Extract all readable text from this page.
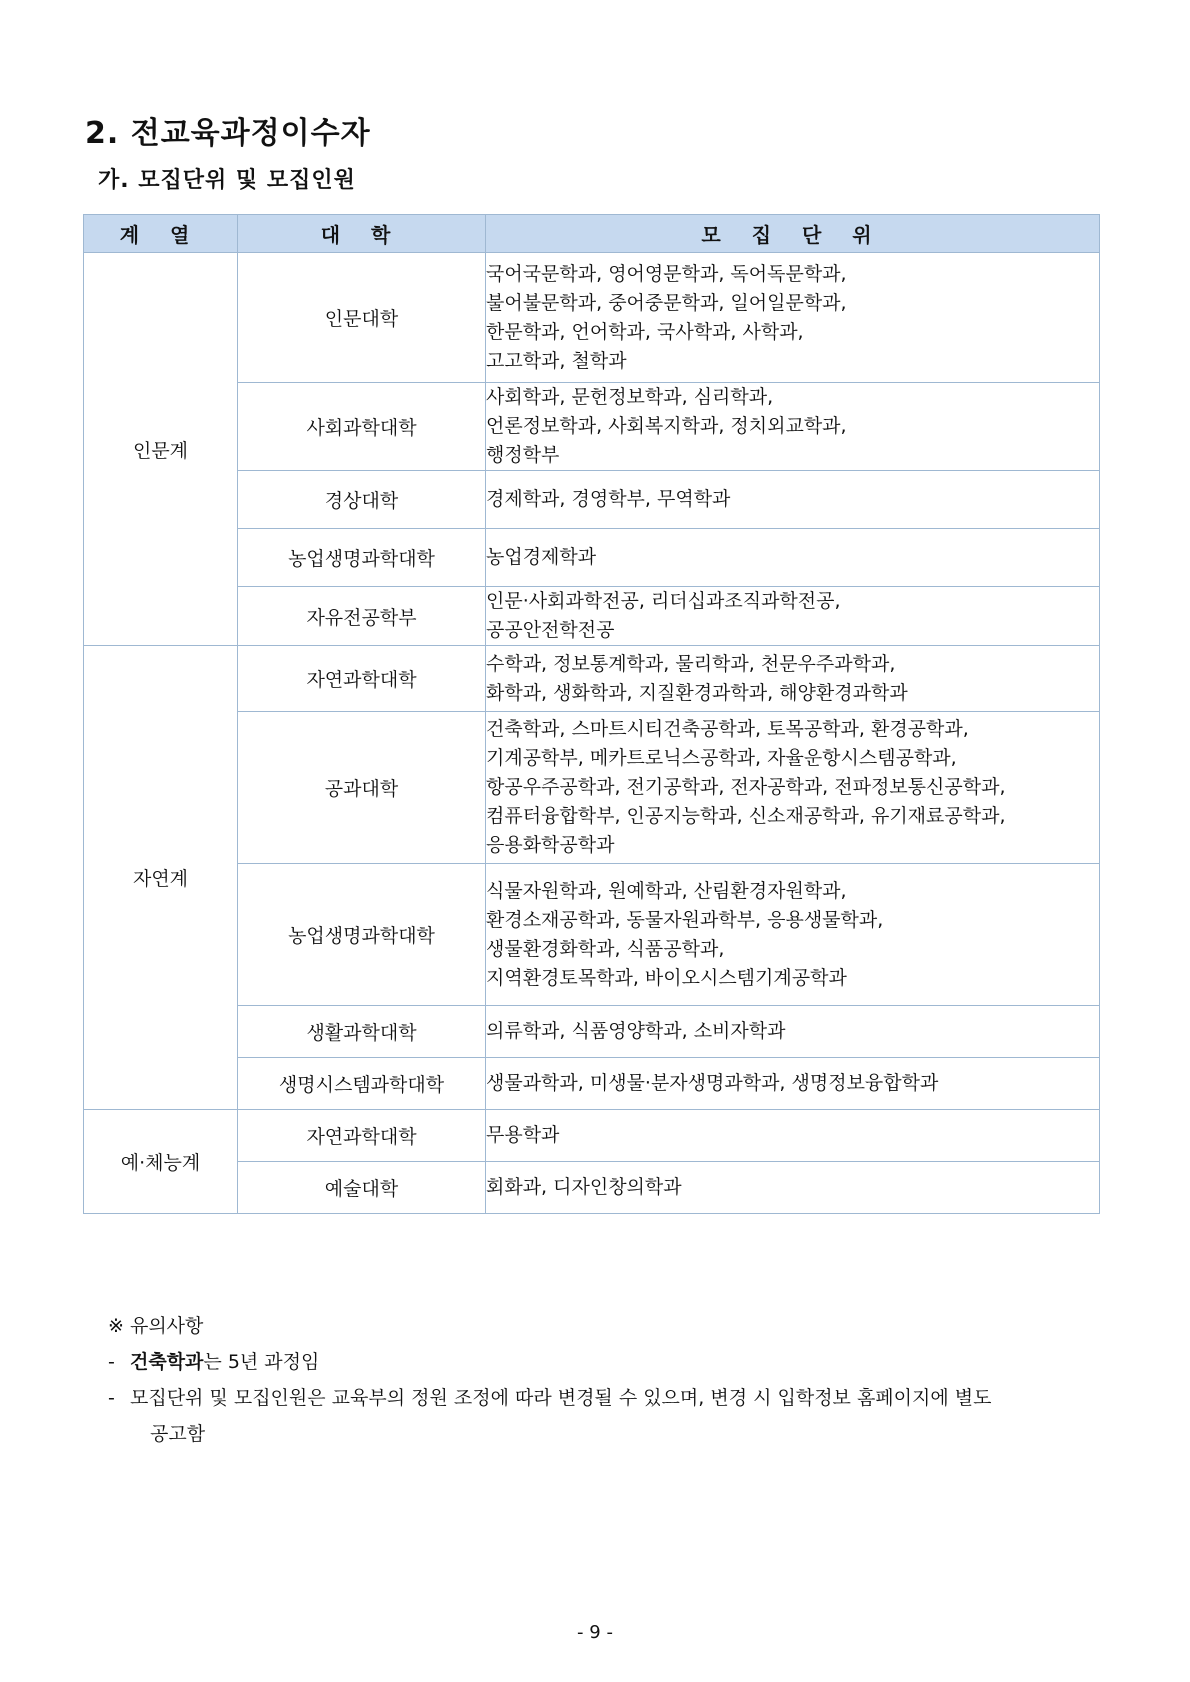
2. 전교육과정이수자
가. 모집단위 및 모집인원
계 열	대 학	모 집 단 위
인문계	인문대학	국어국문학과, 영어영문학과, 독어독문학과,
불어불문학과, 중어중문학과, 일어일문학과,
한문학과, 언어학과, 국사학과, 사학과,
고고학과, 철학과

	사회과학대학	사회학과, 문헌정보학과, 심리학과,
언론정보학과, 사회복지학과, 정치외교학과,
행정학부

	경상대학	경제학과, 경영학부, 무역학과

	농업생명과학대학	농업경제학과

	자유전공학부	인문·사회과학전공, 리더십과조직과학전공,
공공안전학전공

자연계	자연과학대학	수학과, 정보통계학과, 물리학과, 천문우주과학과,
화학과, 생화학과, 지질환경과학과, 해양환경과학과

	공과대학	건축학과, 스마트시티건축공학과, 토목공학과, 환경공학과,
기계공학부, 메카트로닉스공학과, 자율운항시스템공학과,
항공우주공학과, 전기공학과, 전자공학과, 전파정보통신공학과,
컴퓨터융합학부, 인공지능학과, 신소재공학과, 유기재료공학과,
응용화학공학과

	농업생명과학대학	식물자원학과, 원예학과, 산림환경자원학과,
환경소재공학과, 동물자원과학부, 응용생물학과,
생물환경화학과, 식품공학과,
지역환경토목학과, 바이오시스템기계공학과

	생활과학대학	의류학과, 식품영양학과, 소비자학과

	생명시스템과학대학	생물과학과, 미생물·분자생명과학과, 생명정보융합학과

예·체능계	자연과학대학	무용학과

	예술대학	회화과, 디자인창의학과
※ 유의사항
- 건축학과는 5년 과정임
- 모집단위 및 모집인원은 교육부의 정원 조정에 따라 변경될 수 있으며, 변경 시 입학정보 홈페이지에 별도
공고함
- 9 -
